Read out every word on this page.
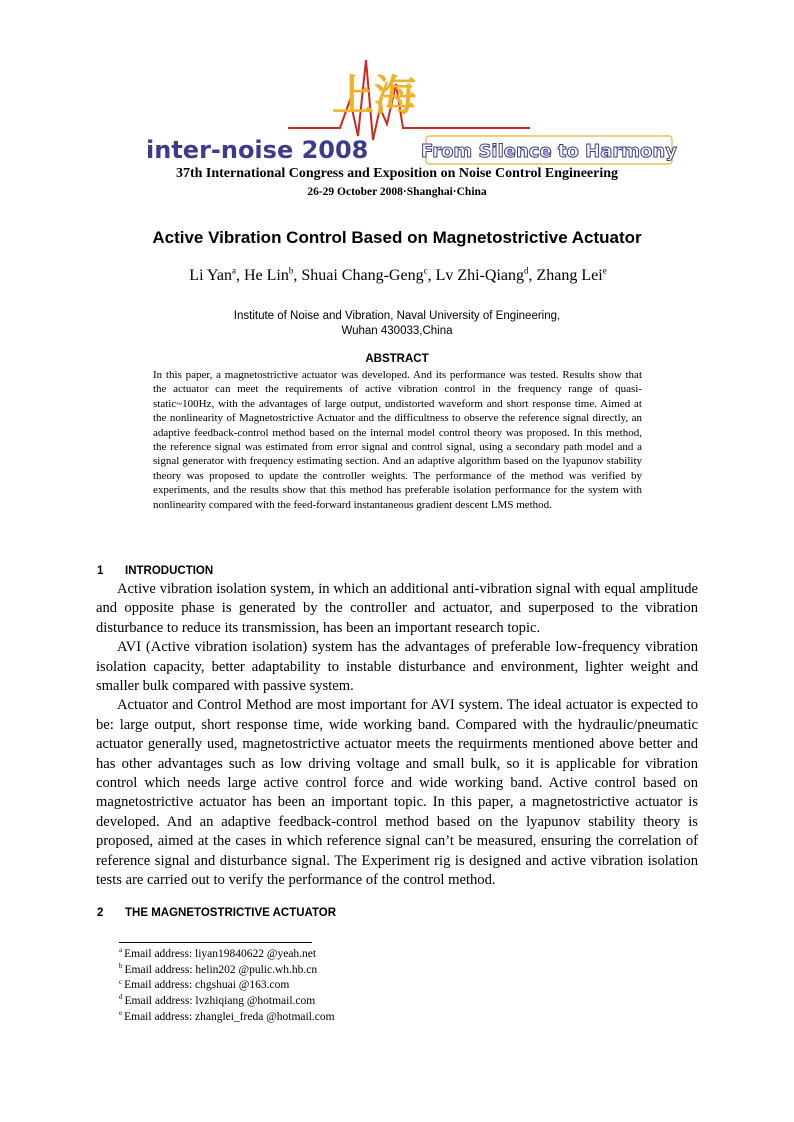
上海
inter-noise 2008	From Silence to Harmony
37th International Congress and Exposition on Noise Control Engineering
26-29 October 2008·Shanghai·China
Active Vibration Control Based on Magnetostrictive Actuator
Li Yan$^a$, He Lin$^b$, Shuai Chang-Geng$^c$, Lv Zhi-Qiang$^d$, Zhang Lei$^e$
Institute of Noise and Vibration, Naval University of Engineering,
Wuhan 430033,China
ABSTRACT
In this paper, a magnetostrictive actuator was developed. And its performance was tested. Results show that the actuator can meet the requirements of active vibration control in the frequency range of quasi-static~100Hz, with the advantages of large output, undistorted waveform and short response time. Aimed at the nonlinearity of Magnetostrictive Actuator and the difficultness to observe the reference signal directly, an adaptive feedback-control method based on the internal model control theory was proposed. In this method, the reference signal was estimated from error signal and control signal, using a secondary path model and a signal generator with frequency estimating section. And an adaptive algorithm based on the lyapunov stability theory was proposed to update the controller weights. The performance of the method was verified by experiments, and the results show that this method has preferable isolation performance for the system with nonlinearity compared with the feed-forward instantaneous gradient descent LMS method.
1 INTRODUCTION

Active vibration isolation system, in which an additional anti-vibration signal with equal amplitude and opposite phase is generated by the controller and actuator, and superposed to the vibration disturbance to reduce its transmission, has been an important research topic.

AVI (Active vibration isolation) system has the advantages of preferable low-frequency vibration isolation capacity, better adaptability to instable disturbance and environment, lighter weight and smaller bulk compared with passive system.

Actuator and Control Method are most important for AVI system. The ideal actuator is expected to be: large output, short response time, wide working band. Compared with the hydraulic/pneumatic actuator generally used, magnetostrictive actuator meets the requirments mentioned above better and has other advantages such as low driving voltage and small bulk, so it is applicable for vibration control which needs large active control force and wide working band. Active control based on magnetostrictive actuator has been an important topic. In this paper, a magnetostrictive actuator is developed. And an adaptive feedback-control method based on the lyapunov stability theory is proposed, aimed at the cases in which reference signal can’t be measured, ensuring the correlation of reference signal and disturbance signal. The Experiment rig is designed and active vibration isolation tests are carried out to verify the performance of the control method.

2 THE MAGNETOSTRICTIVE ACTUATOR
$^a$ Email address: liyan19840622 @yeah.net
$^b$ Email address: helin202 @pulic.wh.hb.cn
$^c$ Email address: chgshuai @163.com
$^d$ Email address: lvzhiqiang @hotmail.com
$^e$ Email address: zhanglei_freda @hotmail.com
